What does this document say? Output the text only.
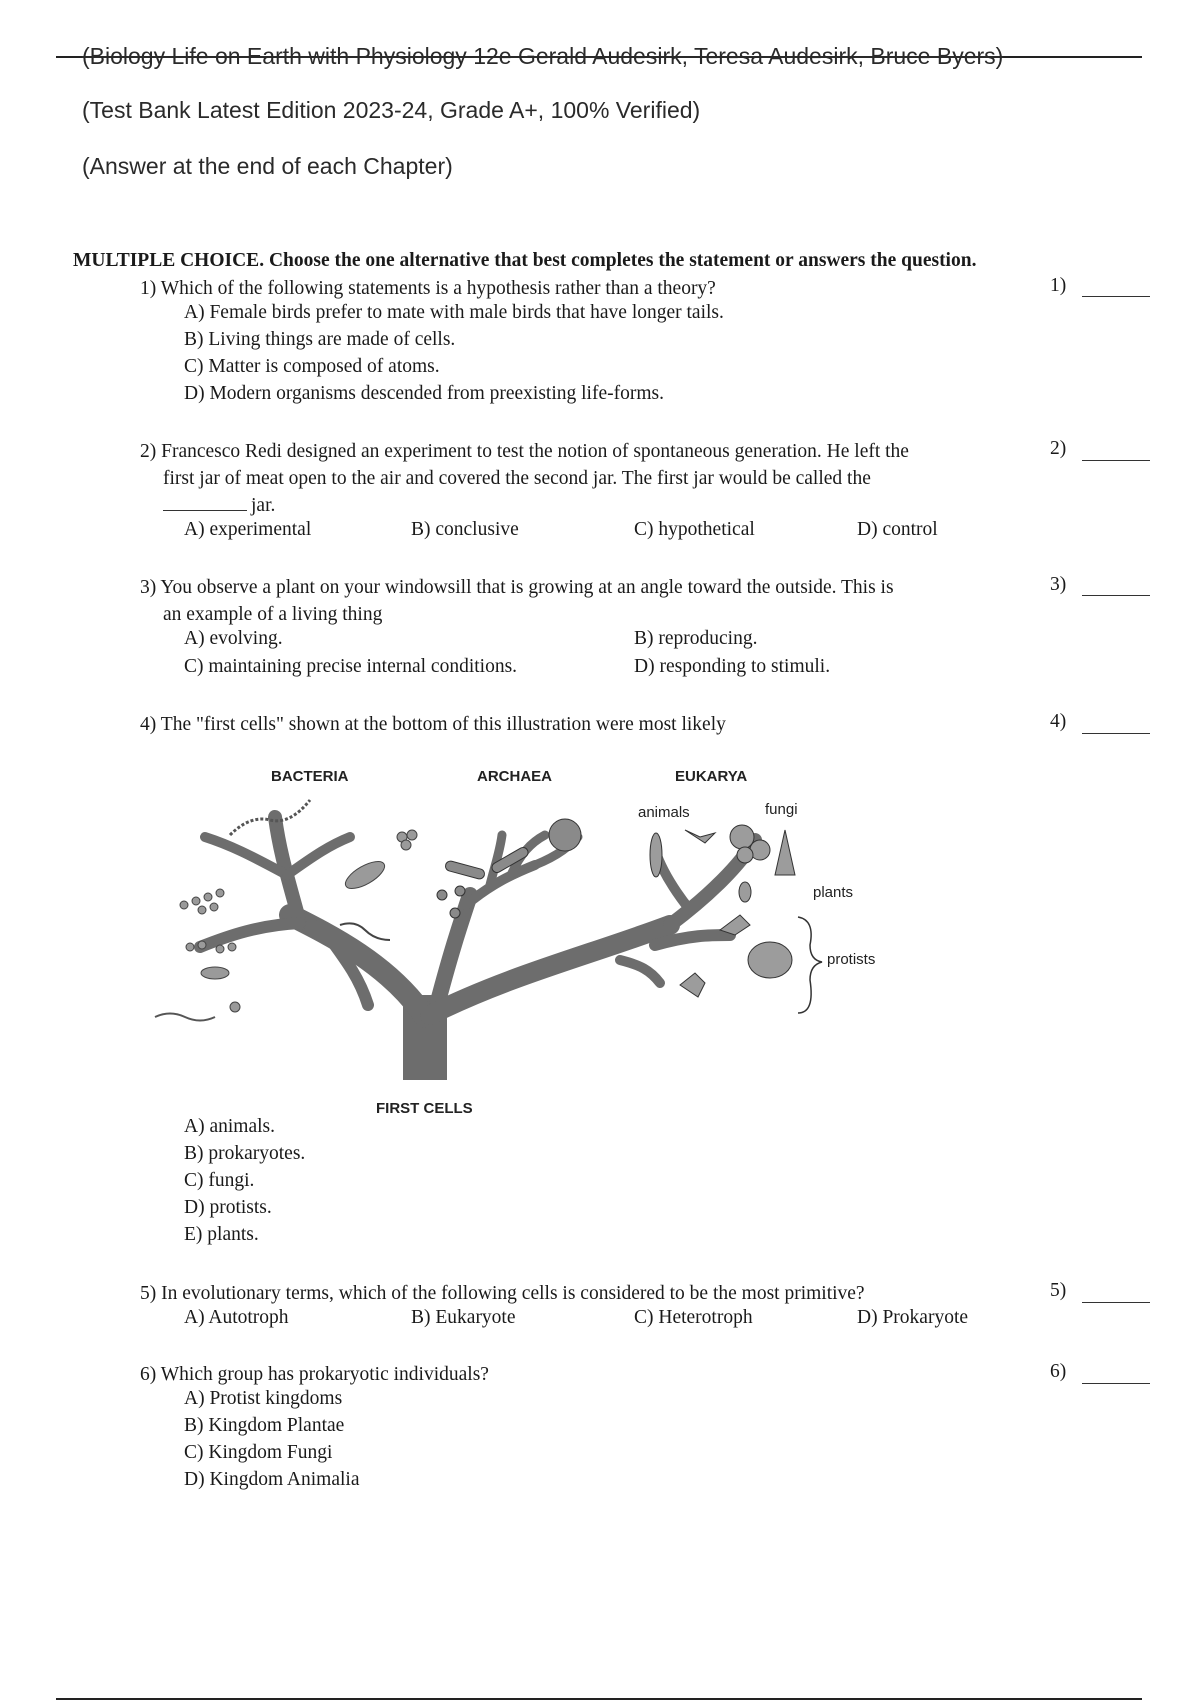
(Biology Life on Earth with Physiology 12e Gerald Audesirk, Teresa Audesirk, Bruce Byers)
(Test Bank Latest Edition 2023-24, Grade A+, 100% Verified)
(Answer at the end of each Chapter)
MULTIPLE CHOICE. Choose the one alternative that best completes the statement or answers the question.
1) Which of the following statements is a hypothesis rather than a theory?	1)
A) Female birds prefer to mate with male birds that have longer tails.
B) Living things are made of cells.
C) Matter is composed of atoms.
D) Modern organisms descended from preexisting life-forms.
2) Francesco Redi designed an experiment to test the notion of spontaneous generation. He left the
first jar of meat open to the air and covered the second jar. The first jar would be called the
jar.
2)
A) experimental	B) conclusive	C) hypothetical	D) control
3) You observe a plant on your windowsill that is growing at an angle toward the outside. This is
an example of a living thing
3)
A) evolving.	B) reproducing.
C) maintaining precise internal conditions.	D) responding to stimuli.
4) The "first cells" shown at the bottom of this illustration were most likely	4)
BACTERIA	ARCHAEA	EUKARYA
animals	fungi
plants
protists
FIRST CELLS
A) animals.
B) prokaryotes.
C) fungi.
D) protists.
E) plants.
5) In evolutionary terms, which of the following cells is considered to be the most primitive?	5)
A) Autotroph	B) Eukaryote	C) Heterotroph	D) Prokaryote
6) Which group has prokaryotic individuals?	6)
A) Protist kingdoms
B) Kingdom Plantae
C) Kingdom Fungi
D) Kingdom Animalia
